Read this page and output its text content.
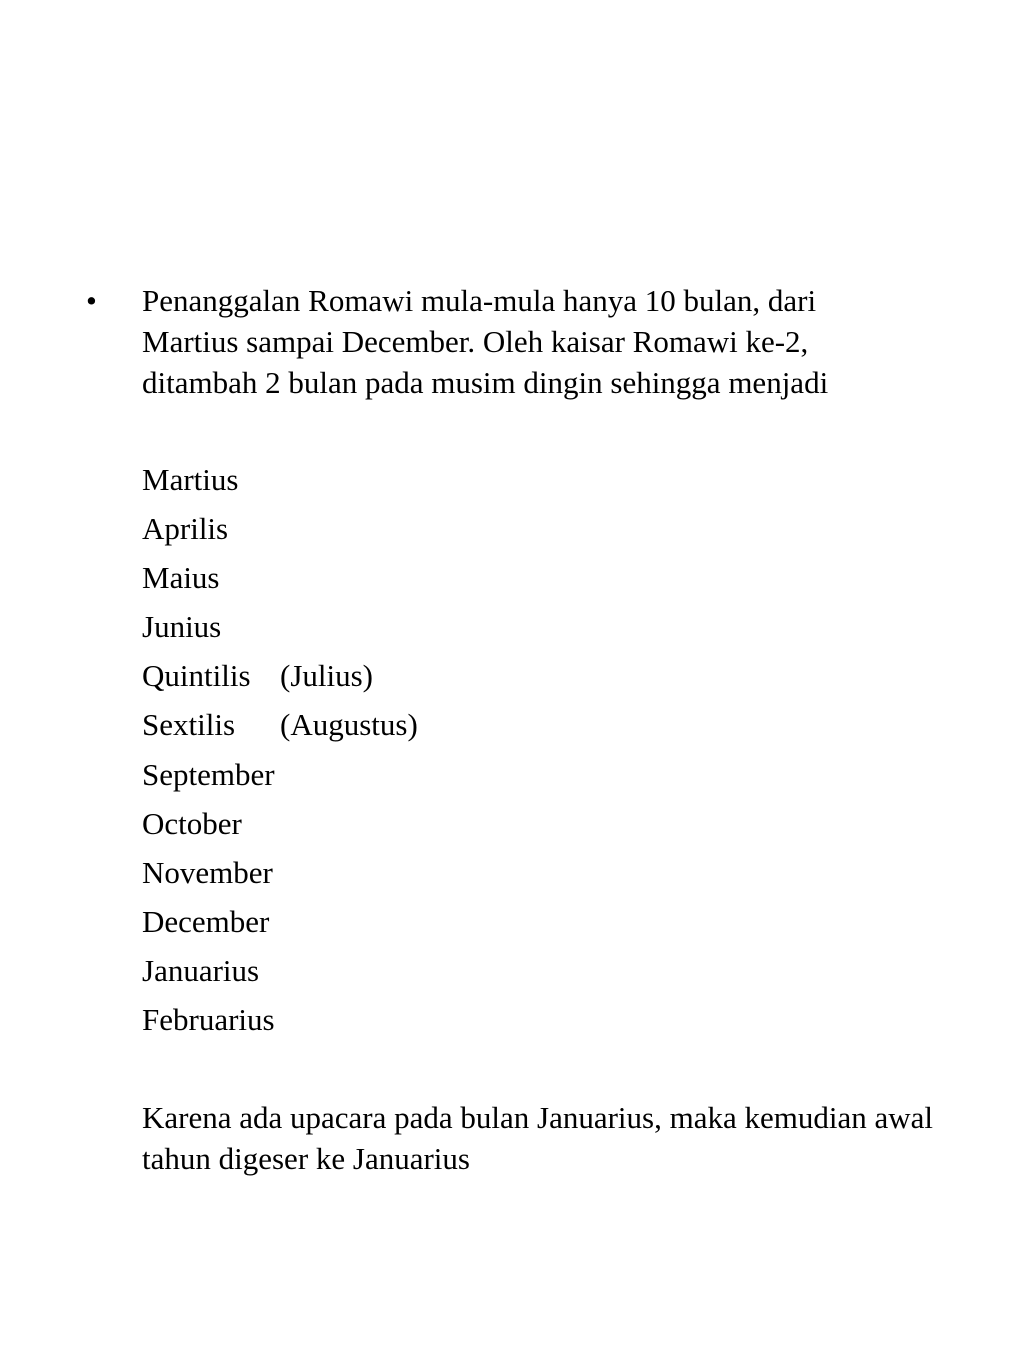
•	Penanggalan Romawi mula-mula hanya 10 bulan, dari Martius sampai December. Oleh kaisar Romawi ke-2, ditambah 2 bulan pada musim dingin sehingga menjadi
Martius
Aprilis
Maius
Junius
Quintilis (Julius)
Sextilis (Augustus)
September
October
November
December
Januarius
Februarius
Karena ada upacara pada bulan Januarius, maka kemudian awal tahun digeser ke Januarius
